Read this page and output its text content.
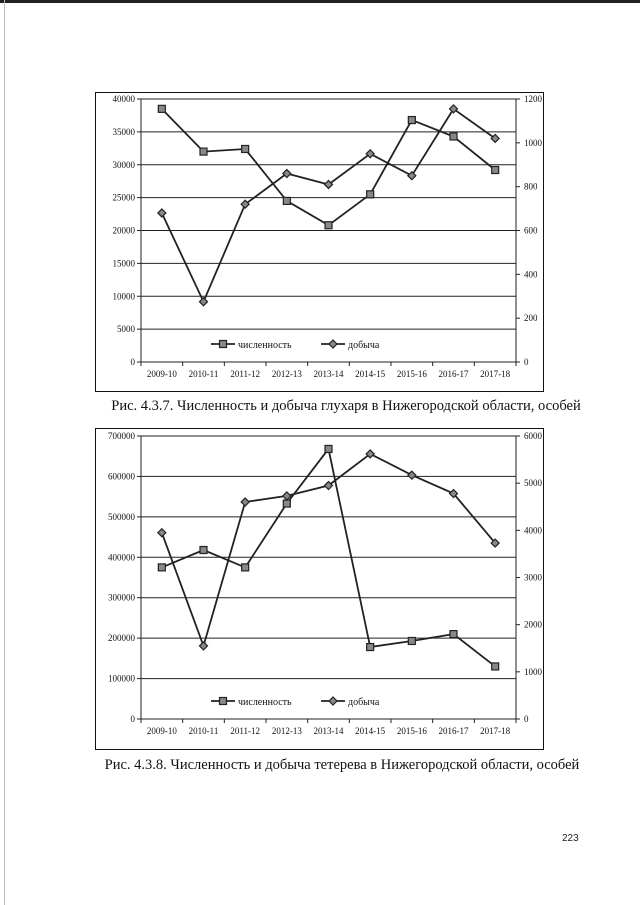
0
5000
10000
15000
20000
25000
30000
35000
40000
0
200
400
600
800
1000
1200
2009-10 2010-11 2011-12 2012-13 2013-14 2014-15 2015-16 2016-17 2017-18
численность	добыча
Рис. 4.3.7. Численность и добыча глухаря в Нижегородской области, особей
0
100000
200000
300000
400000
500000
600000
700000
0
1000
2000
3000
4000
5000
6000
2009-10 2010-11 2011-12 2012-13 2013-14 2014-15 2015-16 2016-17 2017-18
численность	добыча
Рис. 4.3.8. Численность и добыча тетерева в Нижегородской области, особей
223
